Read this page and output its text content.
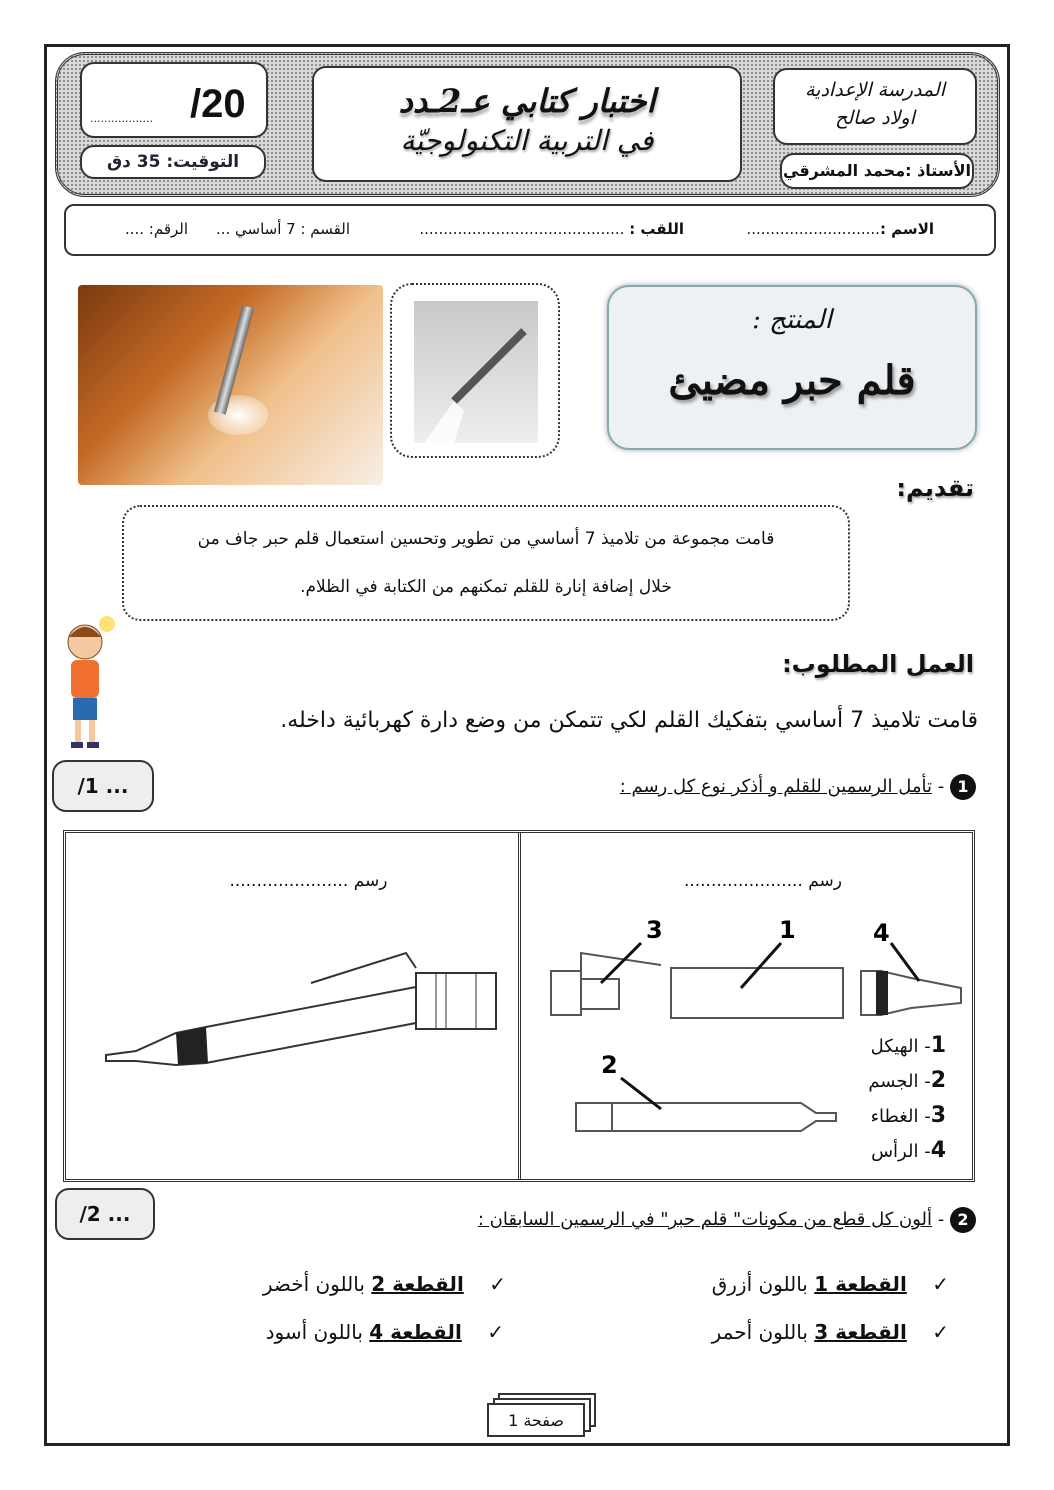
.................. /20
التوقيت: 35 دق
اختبار كتابي عـ2ـدد
في التربية التكنولوجيّة
المدرسة الإعدادية
اولاد صالح
الأستاذ :محمد المشرقي
الاسم :............................
اللقب : ...........................................
القسم : 7 أساسي ...
الرقم: ....
المنتج :
قلم حبر مضيئ
تقديم:
قامت مجموعة من تلاميذ 7 أساسي من تطوير وتحسين استعمال قلم حبر جاف من
خلال إضافة إنارة للقلم تمكنهم من الكتابة في الظلام.
العمل المطلوب:
قامت تلاميذ 7 أساسي بتفكيك القلم لكي تتمكن من وضع دارة كهربائية داخله.
/1 ...	1 - تأمل الرسمين للقلم و أذكر نوع كل رسم :
رسم ......................	رسم ......................
3	1	4
2
1- الهيكل
2- الجسم
3- الغطاء
4- الرأس
/2 ...	2 - ألون كل قطع من مكونات" قلم حبر" في الرسمين السابقان :
✓    القطعة 1 باللون أزرق
✓    القطعة 2 باللون أخضر
✓    القطعة 3 باللون أحمر
✓    القطعة 4 باللون أسود
صفحة 1
